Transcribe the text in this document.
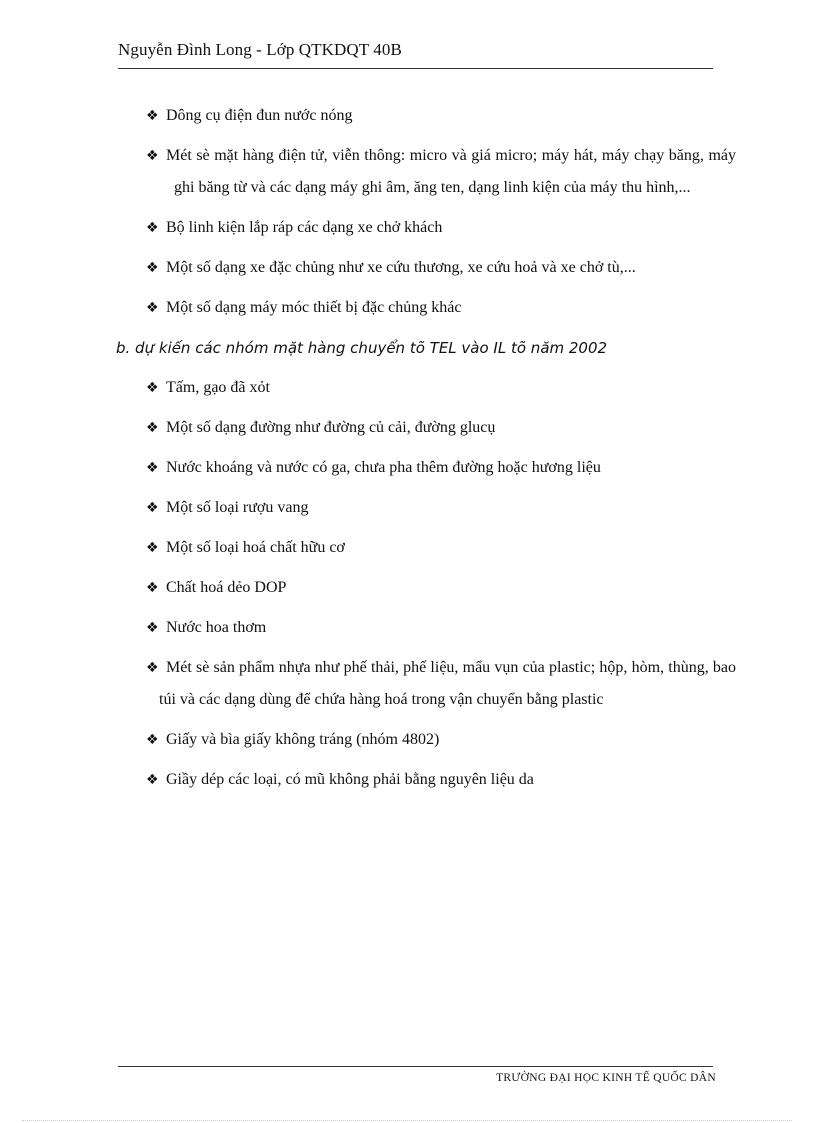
Nguyễn Đình Long - Lớp QTKDQT 40B
❖ Dông cụ điện đun nước nóng
❖ Mét sè mặt hàng điện tử, viễn thông: micro và giá micro; máy hát, máy chạy băng, máy ghi băng từ và các dạng máy ghi âm, ăng ten, dạng linh kiện của máy thu hình,...
❖ Bộ linh kiện lắp ráp các dạng xe chở khách
❖ Một số dạng xe đặc chủng như xe cứu thương, xe cứu hoả và xe chở tù,...
❖ Một số dạng máy móc thiết bị đặc chủng khác
b. dự kiến các nhóm mặt hàng chuyển tõ TEL vào IL tõ năm 2002
❖ Tấm, gạo đã xỏt
❖ Một số dạng đường như đường củ cải, đường glucụ
❖ Nước khoáng và nước có ga, chưa pha thêm đường hoặc hương liệu
❖ Một số loại rượu vang
❖ Một số loại hoá chất hữu cơ
❖ Chất hoá dẻo DOP
❖ Nước hoa thơm
❖ Mét sè sản phẩm nhựa như phế thải, phế liệu, mẩu vụn của plastic; hộp, hòm, thùng, bao túi và các dạng dùng để chứa hàng hoá trong vận chuyển bằng plastic
❖ Giấy và bìa giấy không tráng (nhóm 4802)
❖ Giầy dép các loại, có mũ không phải bằng nguyên liệu da
TRƯỜNG ĐẠI HỌC KINH TẾ QUỐC DÂN
